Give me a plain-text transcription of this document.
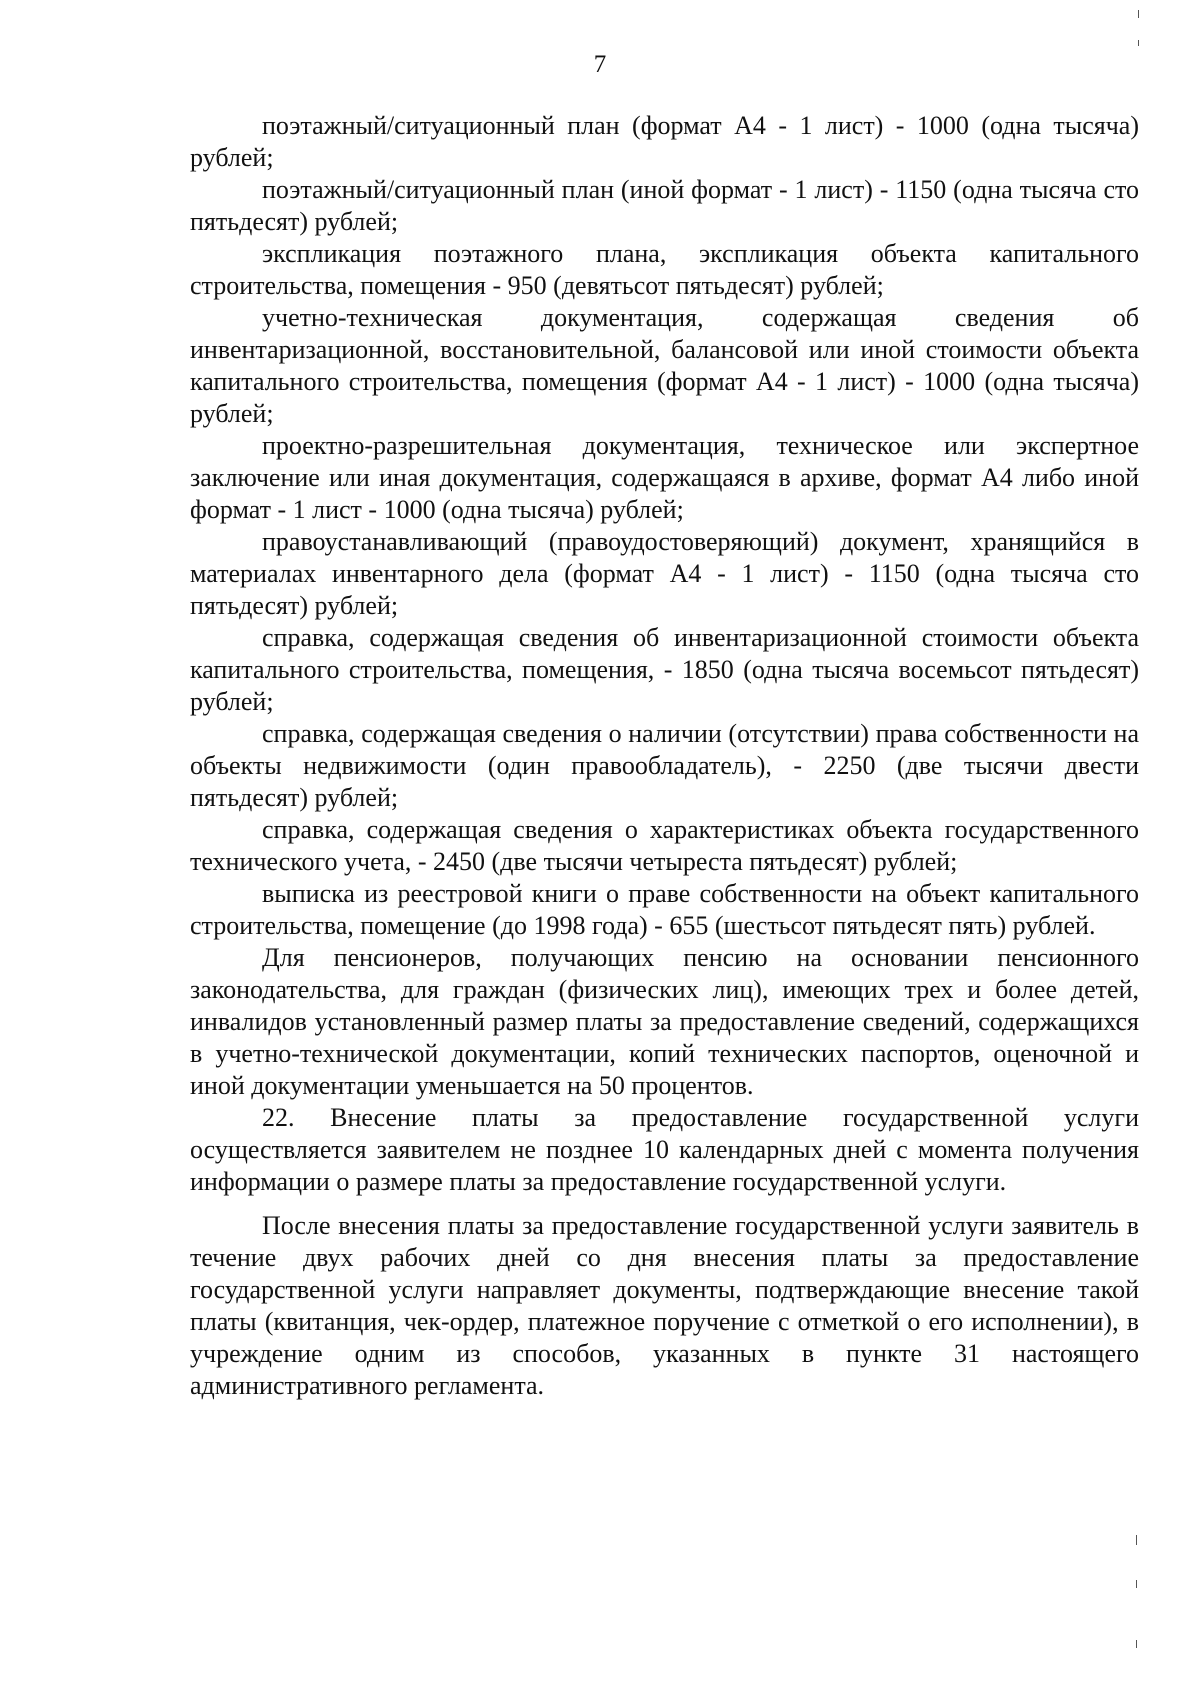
7

поэтажный/ситуационный план (формат А4 - 1 лист) - 1000 (одна тысяча) рублей;

поэтажный/ситуационный план (иной формат - 1 лист) - 1150 (одна тысяча сто пятьдесят) рублей;

экспликация поэтажного плана, экспликация объекта капитального строительства, помещения - 950 (девятьсот пятьдесят) рублей;

учетно-техническая документация, содержащая сведения об инвентаризационной, восстановительной, балансовой или иной стоимости объекта капитального строительства, помещения (формат А4 - 1 лист) - 1000 (одна тысяча) рублей;

проектно-разрешительная документация, техническое или экспертное заключение или иная документация, содержащаяся в архиве, формат А4 либо иной формат - 1 лист - 1000 (одна тысяча) рублей;

правоустанавливающий (правоудостоверяющий) документ, хранящийся в материалах инвентарного дела (формат А4 - 1 лист) - 1150 (одна тысяча сто пятьдесят) рублей;

справка, содержащая сведения об инвентаризационной стоимости объекта капитального строительства, помещения, - 1850 (одна тысяча восемьсот пятьдесят) рублей;

справка, содержащая сведения о наличии (отсутствии) права собственности на объекты недвижимости (один правообладатель), - 2250 (две тысячи двести пятьдесят) рублей;

справка, содержащая сведения о характеристиках объекта государственного технического учета, - 2450 (две тысячи четыреста пятьдесят) рублей;

выписка из реестровой книги о праве собственности на объект капитального строительства, помещение (до 1998 года) - 655 (шестьсот пятьдесят пять) рублей.

Для пенсионеров, получающих пенсию на основании пенсионного законодательства, для граждан (физических лиц), имеющих трех и более детей, инвалидов установленный размер платы за предоставление сведений, содержащихся в учетно-технической документации, копий технических паспортов, оценочной и иной документации уменьшается на 50 процентов.

22. Внесение платы за предоставление государственной услуги осуществляется заявителем не позднее 10 календарных дней с момента получения информации о размере платы за предоставление государственной услуги.

После внесения платы за предоставление государственной услуги заявитель в течение двух рабочих дней со дня внесения платы за предоставление государственной услуги направляет документы, подтверждающие внесение такой платы (квитанция, чек-ордер, платежное поручение с отметкой о его исполнении), в учреждение одним из способов, указанных в пункте 31 настоящего административного регламента.
